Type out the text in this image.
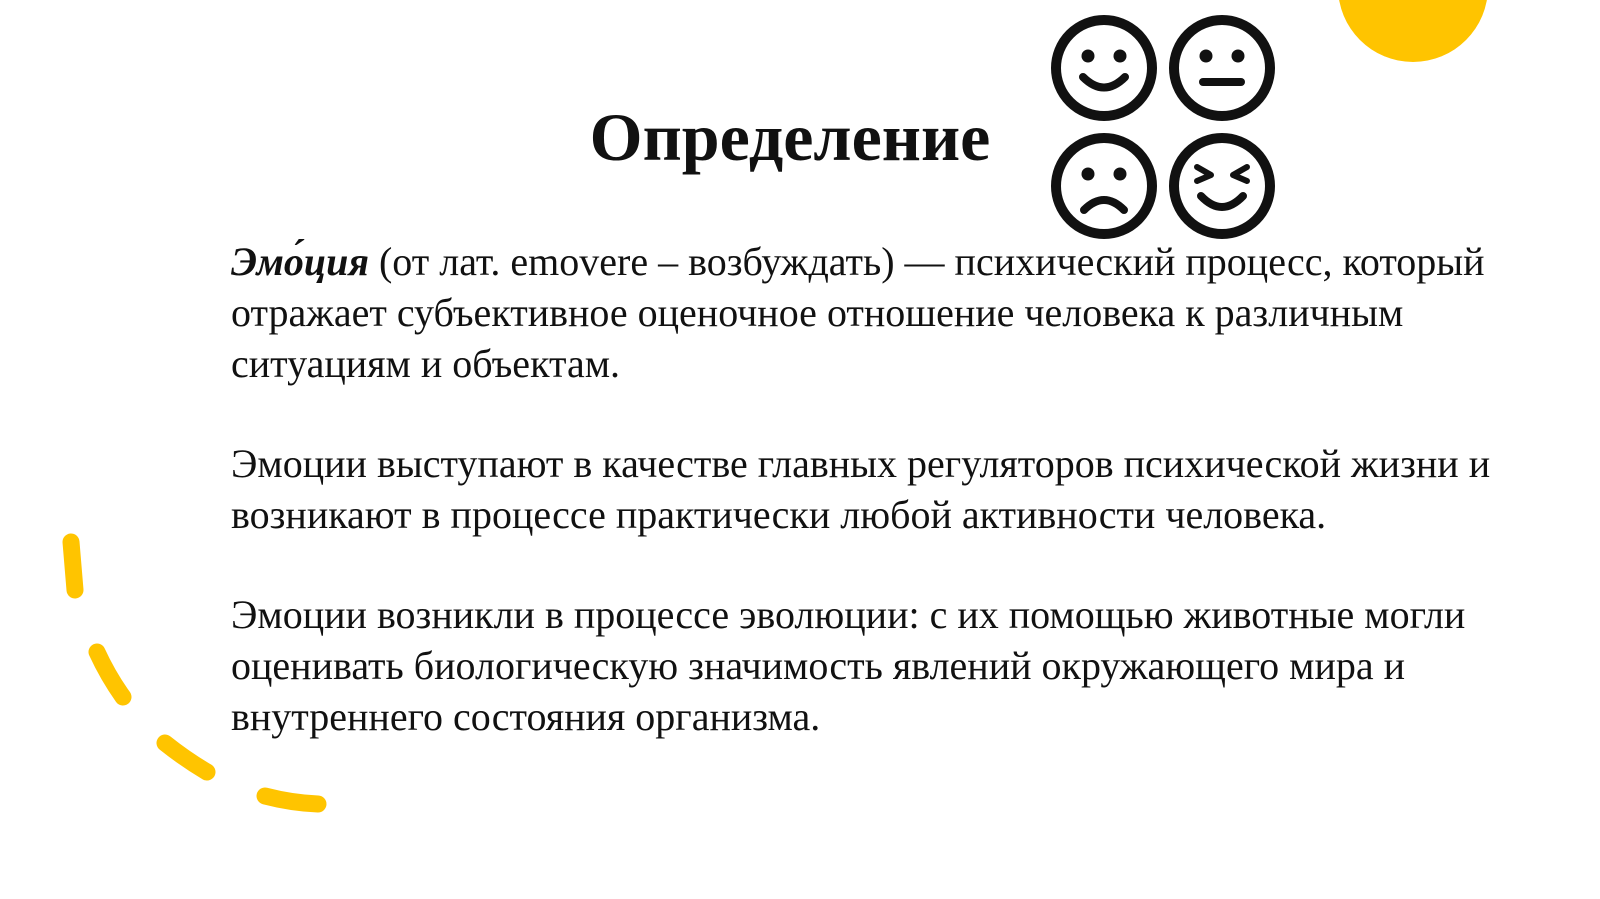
Определение

Эмо́ция (от лат. emovere – возбуждать) — психический процесс, который отражает субъективное оценочное отношение человека к различным ситуациям и объектам.

Эмоции выступают в качестве главных регуляторов психической жизни и возникают в процессе практически любой активности человека.

Эмоции возникли в процессе эволюции: с их помощью животные могли оценивать биологическую значимость явлений окружающего мира и внутреннего состояния организма.
